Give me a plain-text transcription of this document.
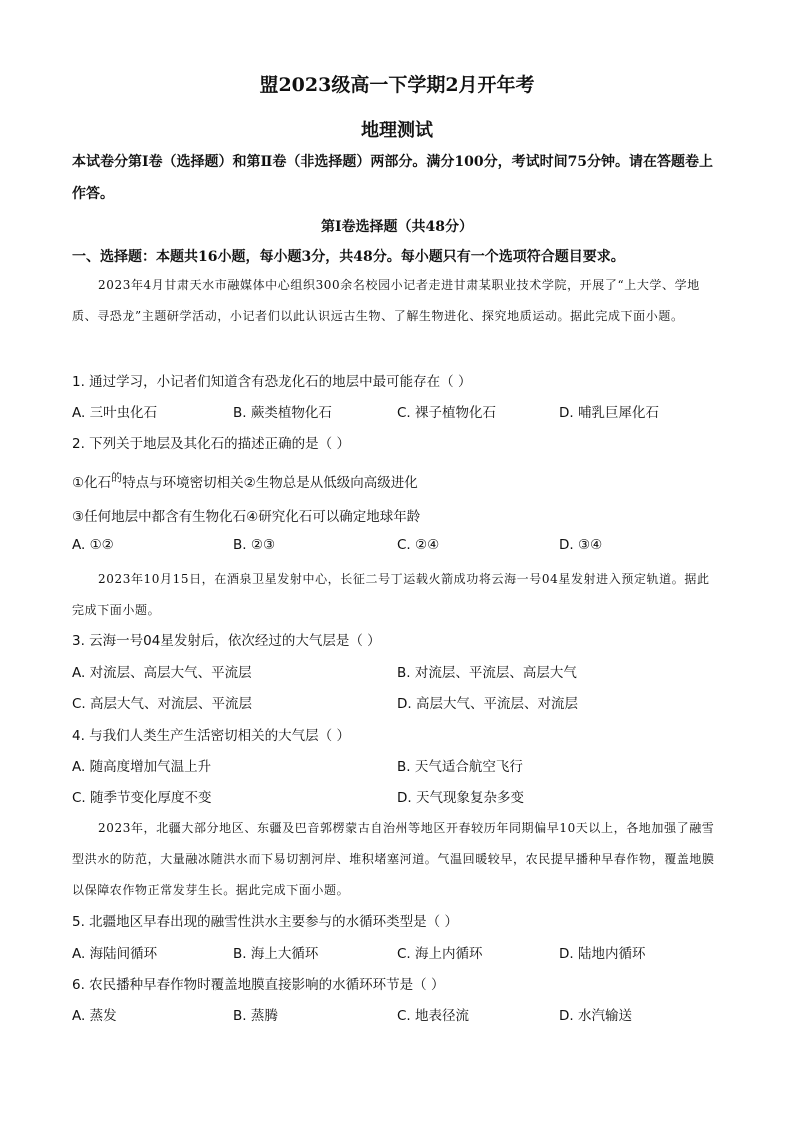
盟2023级高一下学期2月开年考
地理测试
本试卷分第Ⅰ卷（选择题）和第Ⅱ卷（非选择题）两部分。满分100分，考试时间75分钟。请在答题卷上作答。
第Ⅰ卷选择题（共48分）
一、选择题：本题共16小题，每小题3分，共48分。每小题只有一个选项符合题目要求。
2023年4月甘肃天水市融媒体中心组织300余名校园小记者走进甘肃某职业技术学院，开展了“上大学、学地质、寻恐龙”主题研学活动，小记者们以此认识远古生物、了解生物进化、探究地质运动。据此完成下面小题。
1. 通过学习，小记者们知道含有恐龙化石的地层中最可能存在（ ）
A. 三叶虫化石	B. 蕨类植物化石	C. 裸子植物化石	D. 哺乳巨犀化石
2. 下列关于地层及其化石的描述正确的是（ ）
①化石$^的$特点与环境密切相关②生物总是从低级向高级进化
③任何地层中都含有生物化石④研究化石可以确定地球年龄
A. ①②	B. ②③	C. ②④	D. ③④
2023年10月15日，在酒泉卫星发射中心，长征二号丁运载火箭成功将云海一号04星发射进入预定轨道。据此完成下面小题。
3. 云海一号04星发射后，依次经过的大气层是（ ）
A. 对流层、高层大气、平流层	B. 对流层、平流层、高层大气
C. 高层大气、对流层、平流层	D. 高层大气、平流层、对流层
4. 与我们人类生产生活密切相关的大气层（ ）
A. 随高度增加气温上升	B. 天气适合航空飞行
C. 随季节变化厚度不变	D. 天气现象复杂多变
2023年，北疆大部分地区、东疆及巴音郭楞蒙古自治州等地区开春较历年同期偏早10天以上，各地加强了融雪型洪水的防范，大量融冰随洪水而下易切割河岸、堆积堵塞河道。气温回暖较早，农民提早播种早春作物，覆盖地膜以保障农作物正常发芽生长。据此完成下面小题。
5. 北疆地区早春出现的融雪性洪水主要参与的水循环类型是（ ）
A. 海陆间循环	B. 海上大循环	C. 海上内循环	D. 陆地内循环
6. 农民播种早春作物时覆盖地膜直接影响的水循环环节是（ ）
A. 蒸发	B. 蒸腾	C. 地表径流	D. 水汽输送
